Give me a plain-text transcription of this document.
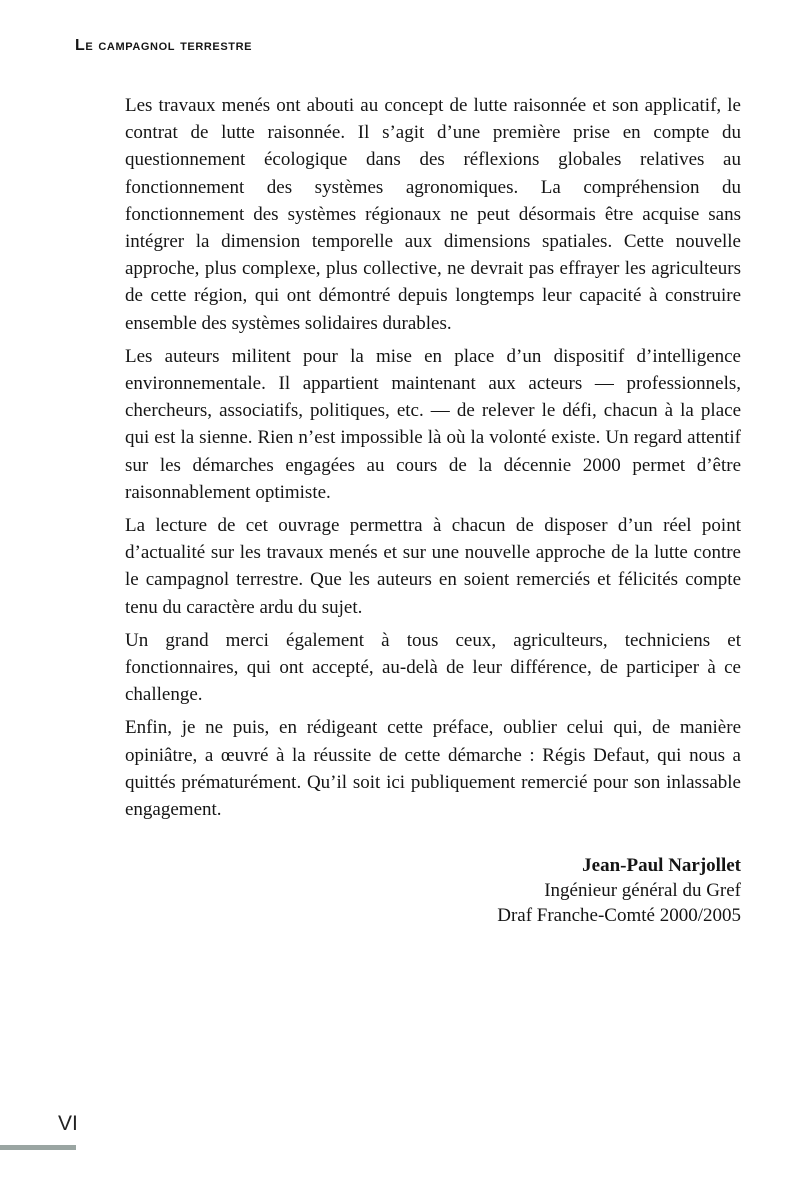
Le campagnol terrestre

Les travaux menés ont abouti au concept de lutte raisonnée et son applicatif, le contrat de lutte raisonnée. Il s’agit d’une première prise en compte du questionnement écologique dans des réflexions globales relatives au fonctionnement des systèmes agronomiques. La compréhension du fonctionnement des systèmes régionaux ne peut désormais être acquise sans intégrer la dimension temporelle aux dimensions spatiales. Cette nouvelle approche, plus complexe, plus collective, ne devrait pas effrayer les agriculteurs de cette région, qui ont démontré depuis longtemps leur capacité à construire ensemble des systèmes solidaires durables.

Les auteurs militent pour la mise en place d’un dispositif d’intelligence environnementale. Il appartient maintenant aux acteurs — professionnels, chercheurs, associatifs, politiques, etc. — de relever le défi, chacun à la place qui est la sienne. Rien n’est impossible là où la volonté existe. Un regard attentif sur les démarches engagées au cours de la décennie 2000 permet d’être raisonnablement optimiste.

La lecture de cet ouvrage permettra à chacun de disposer d’un réel point d’actualité sur les travaux menés et sur une nouvelle approche de la lutte contre le campagnol terrestre. Que les auteurs en soient remerciés et félicités compte tenu du caractère ardu du sujet.

Un grand merci également à tous ceux, agriculteurs, techniciens et fonctionnaires, qui ont accepté, au-delà de leur différence, de participer à ce challenge.

Enfin, je ne puis, en rédigeant cette préface, oublier celui qui, de manière opiniâtre, a œuvré à la réussite de cette démarche : Régis Defaut, qui nous a quittés prématurément. Qu’il soit ici publiquement remercié pour son inlassable engagement.

Jean-Paul Narjollet
Ingénieur général du Gref
Draf Franche-Comté 2000/2005
VI
